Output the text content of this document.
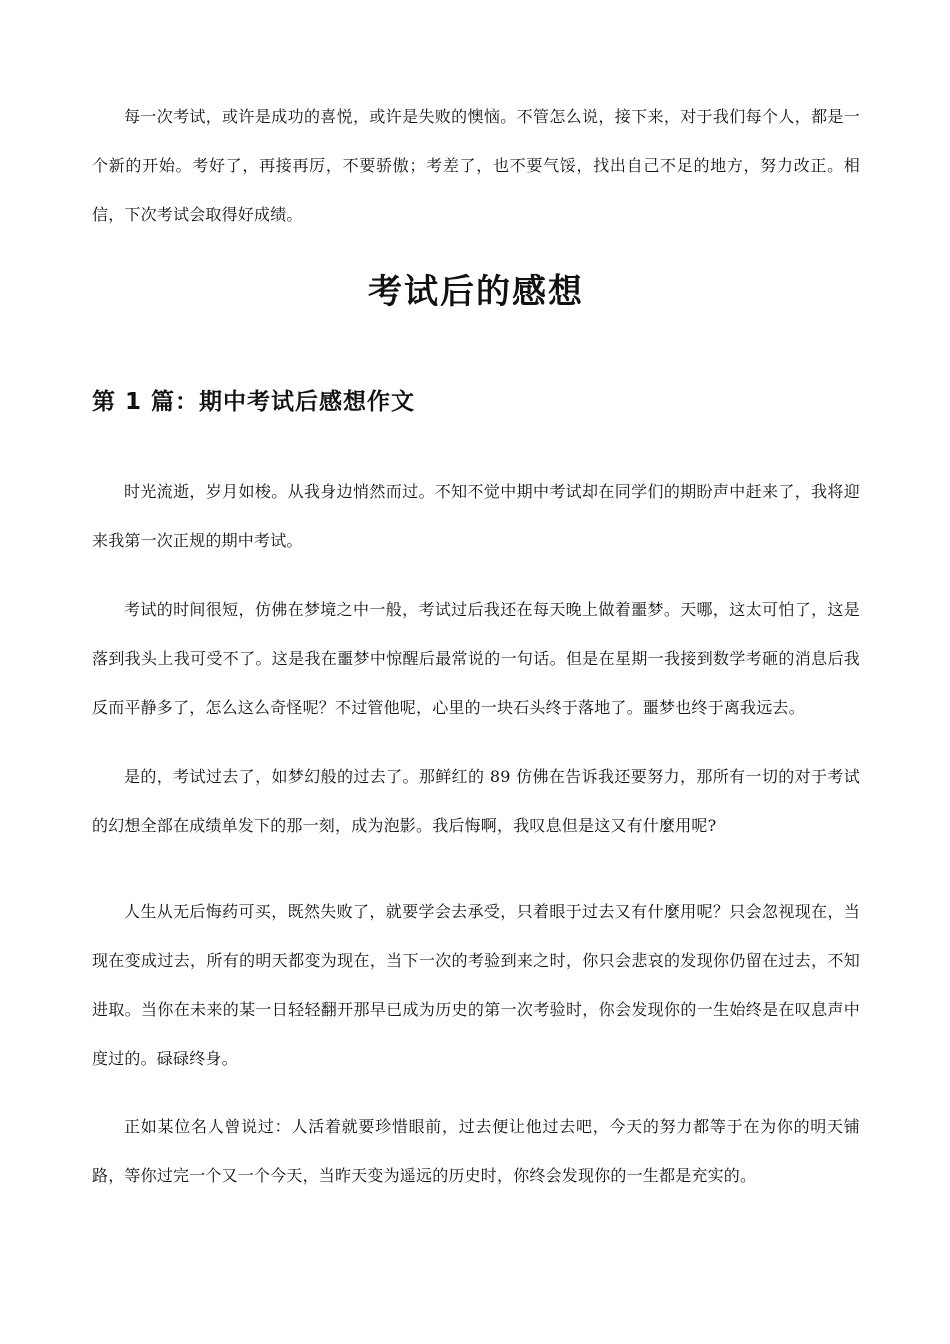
每一次考试，或许是成功的喜悦，或许是失败的懊恼。不管怎么说，接下来，对于我们每个人，都是一个新的开始。考好了，再接再厉，不要骄傲；考差了，也不要气馁，找出自己不足的地方，努力改正。相信，下次考试会取得好成绩。

考试后的感想
第 1 篇：期中考试后感想作文

时光流逝，岁月如梭。从我身边悄然而过。不知不觉中期中考试却在同学们的期盼声中赶来了，我将迎来我第一次正规的期中考试。

考试的时间很短，仿佛在梦境之中一般，考试过后我还在每天晚上做着噩梦。天哪，这太可怕了，这是落到我头上我可受不了。这是我在噩梦中惊醒后最常说的一句话。但是在星期一我接到数学考砸的消息后我反而平静多了，怎么这么奇怪呢？不过管他呢，心里的一块石头终于落地了。噩梦也终于离我远去。

是的，考试过去了，如梦幻般的过去了。那鲜红的 89 仿佛在告诉我还要努力，那所有一切的对于考试的幻想全部在成绩单发下的那一刻，成为泡影。我后悔啊，我叹息但是这又有什麼用呢?

人生从无后悔药可买，既然失败了，就要学会去承受，只着眼于过去又有什麼用呢？只会忽视现在，当现在变成过去，所有的明天都变为现在，当下一次的考验到来之时，你只会悲哀的发现你仍留在过去，不知进取。当你在未来的某一日轻轻翻开那早已成为历史的第一次考验时，你会发现你的一生始终是在叹息声中度过的。碌碌终身。

正如某位名人曾说过：人活着就要珍惜眼前，过去便让他过去吧，今天的努力都等于在为你的明天铺路，等你过完一个又一个今天，当昨天变为遥远的历史时，你终会发现你的一生都是充实的。
